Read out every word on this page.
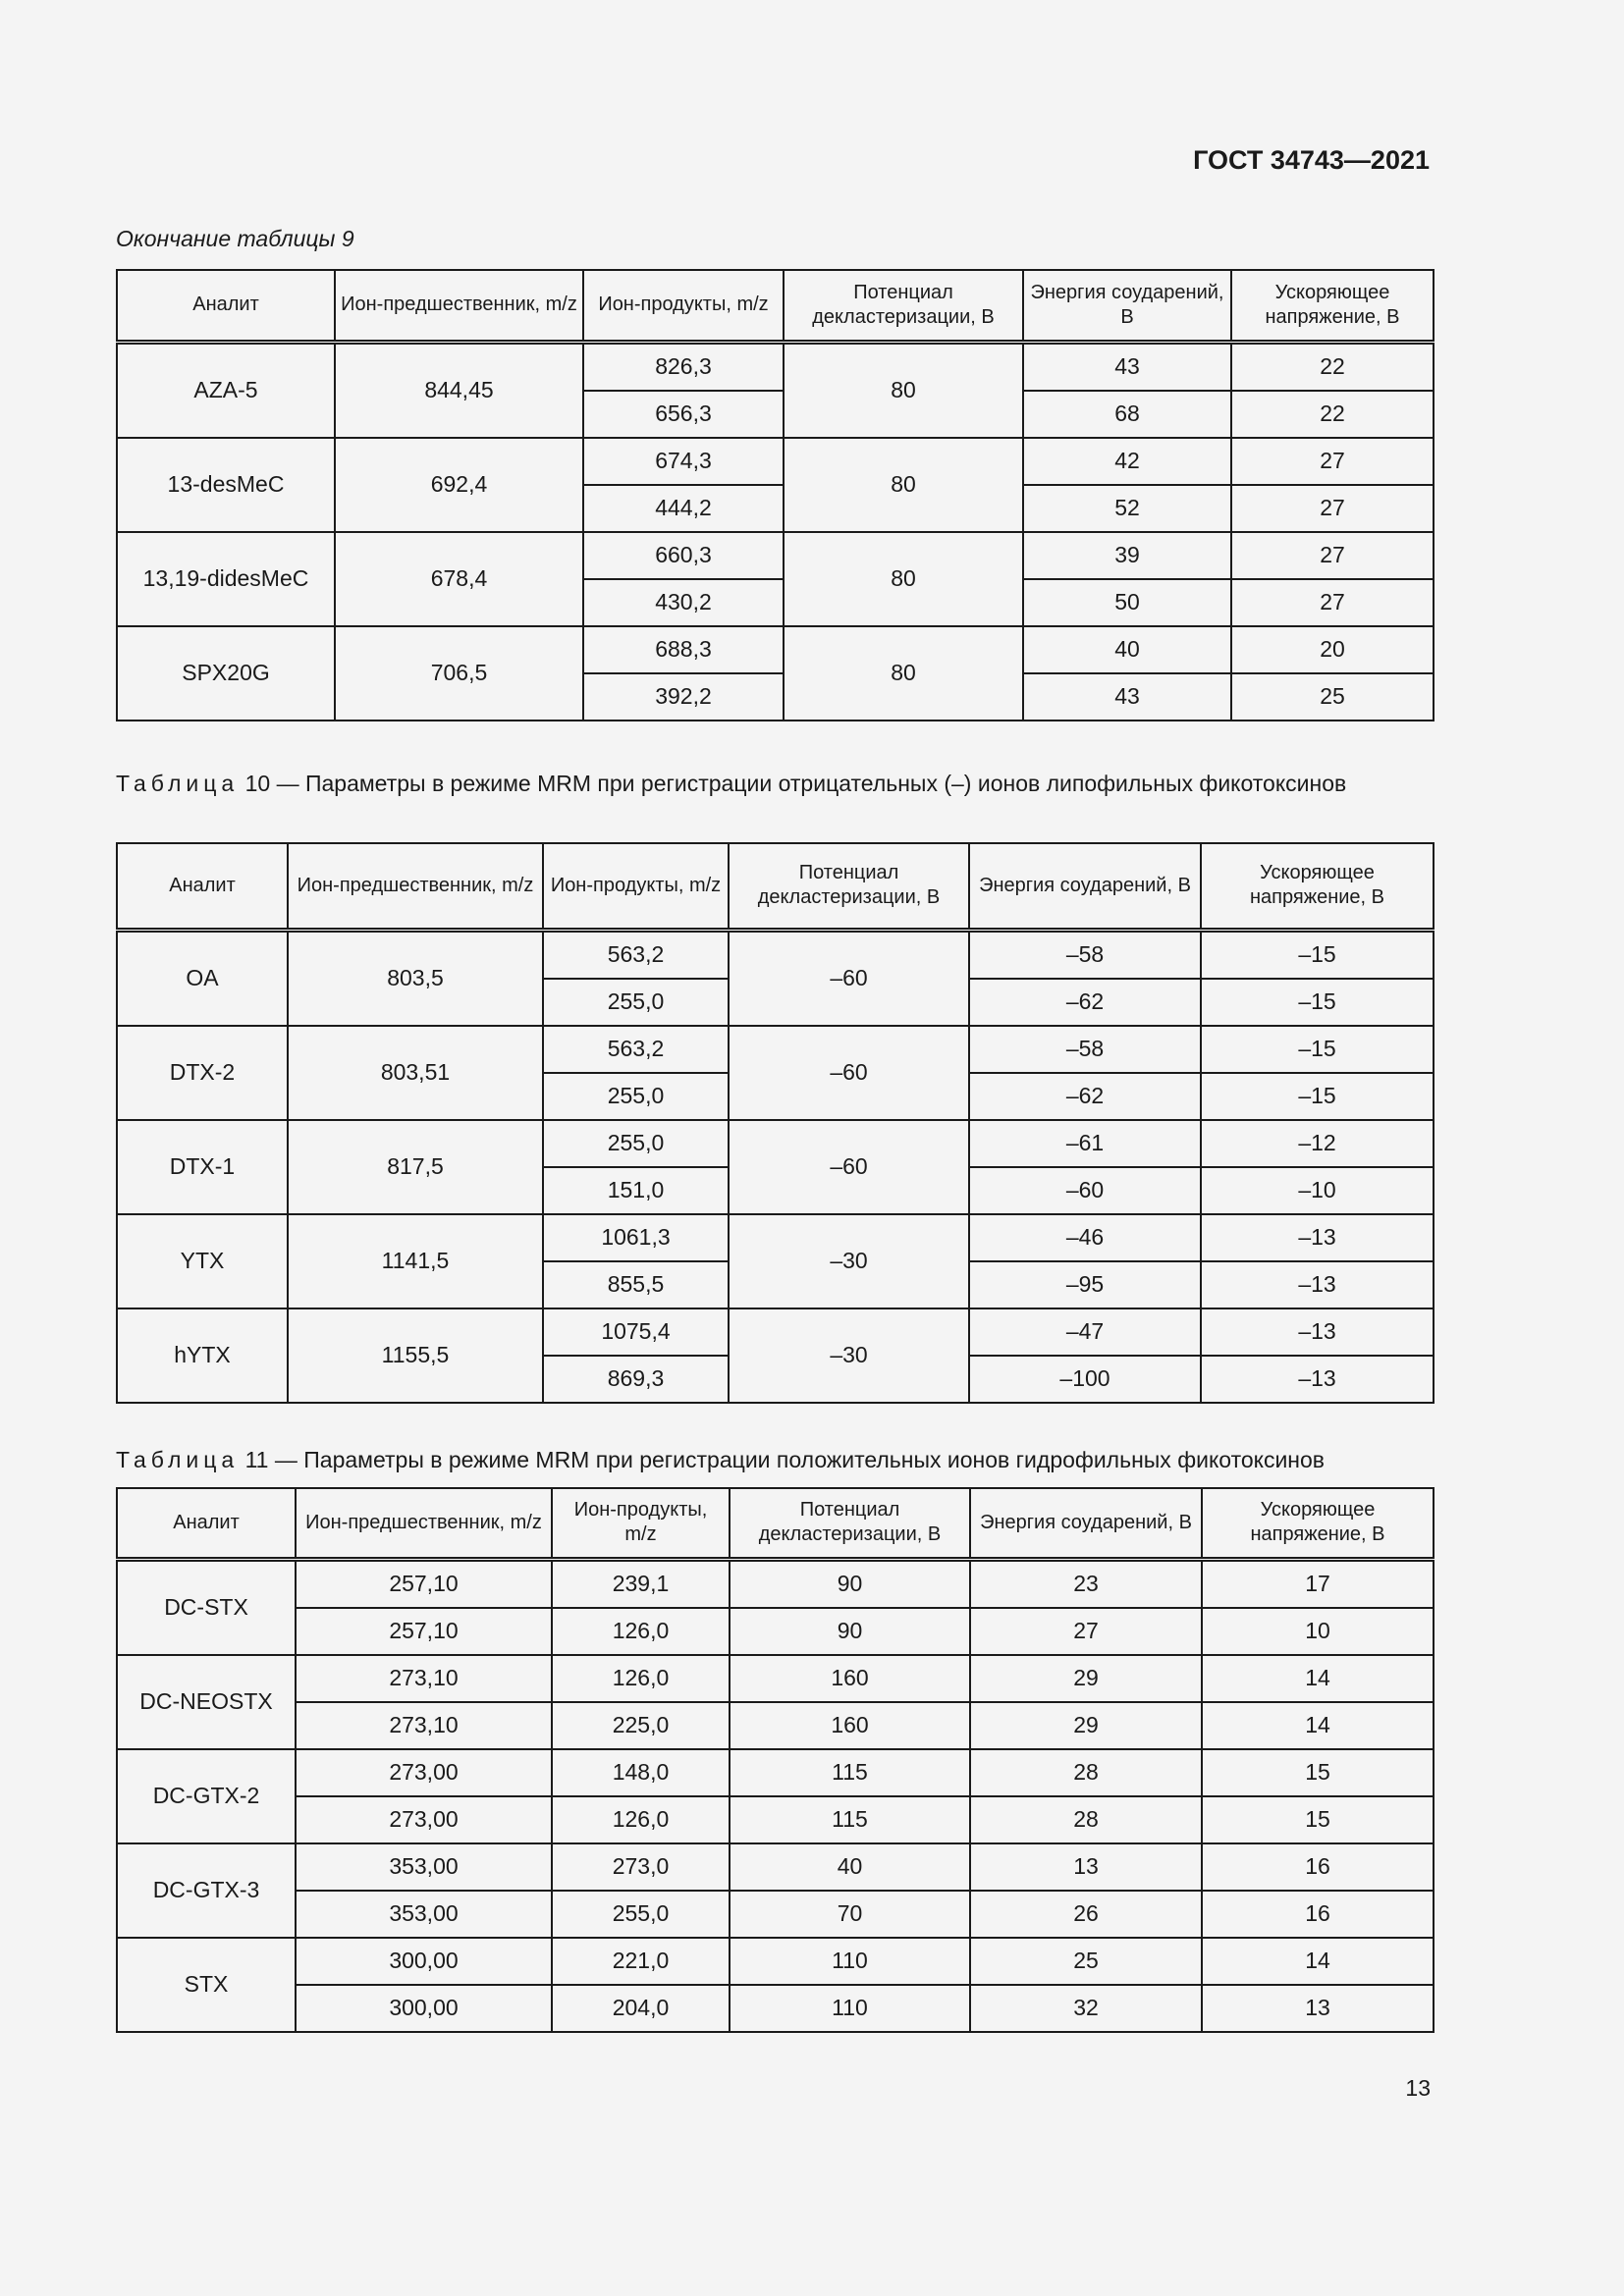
ГОСТ 34743—2021
Окончание таблицы 9
Аналит	Ион-предшественник, m/z	Ион-продукты, m/z	Потенциал декластеризации, В	Энергия соударений, В	Ускоряющее напряжение, В
AZA-5	844,45	826,3	80	43	22
		656,3		68	22
13-desMeC	692,4	674,3	80	42	27
		444,2		52	27
13,19-didesMeC	678,4	660,3	80	39	27
		430,2		50	27
SPX20G	706,5	688,3	80	40	20
		392,2		43	25
Таблица 10 — Параметры в режиме MRM при регистрации отрицательных (–) ионов липофильных фикотоксинов
Аналит	Ион-предшественник, m/z	Ион-продукты, m/z	Потенциал декластеризации, В	Энергия соударений, В	Ускоряющее напряжение, В
OA	803,5	563,2	–60	–58	–15
		255,0		–62	–15
DTX-2	803,51	563,2	–60	–58	–15
		255,0		–62	–15
DTX-1	817,5	255,0	–60	–61	–12
		151,0		–60	–10
YTX	1141,5	1061,3	–30	–46	–13
		855,5		–95	–13
hYTX	1155,5	1075,4	–30	–47	–13
		869,3		–100	–13
Таблица 11 — Параметры в режиме MRM при регистрации положительных ионов гидрофильных фикотоксинов
Аналит	Ион-предшественник, m/z	Ион-продукты, m/z	Потенциал декластеризации, В	Энергия соударений, В	Ускоряющее напряжение, В
DC-STX	257,10	239,1	90	23	17
	257,10	126,0	90	27	10
DC-NEOSTX	273,10	126,0	160	29	14
	273,10	225,0	160	29	14
DC-GTX-2	273,00	148,0	115	28	15
	273,00	126,0	115	28	15
DC-GTX-3	353,00	273,0	40	13	16
	353,00	255,0	70	26	16
STX	300,00	221,0	110	25	14
	300,00	204,0	110	32	13
13
